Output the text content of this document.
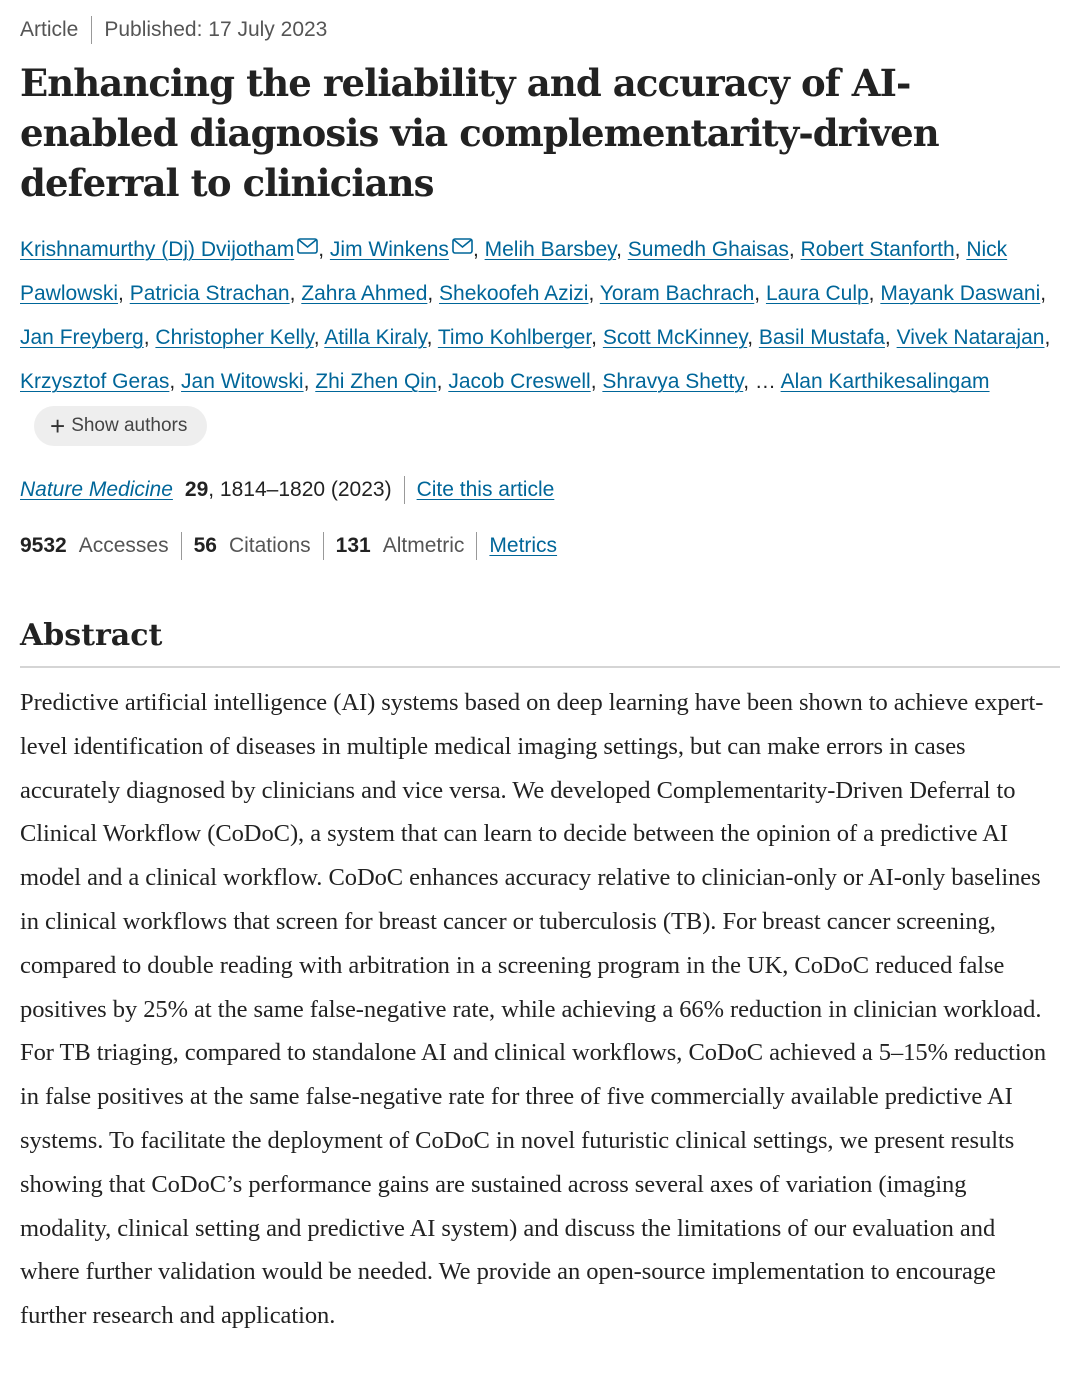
Article Published: 17 July 2023
Enhancing the reliability and accuracy of AI-enabled diagnosis via complementarity-driven deferral to clinicians
Krishnamurthy (Dj) Dvijotham , Jim Winkens , Melih Barsbey, Sumedh Ghaisas, Robert Stanforth, Nick Pawlowski, Patricia Strachan, Zahra Ahmed, Shekoofeh Azizi, Yoram Bachrach, Laura Culp, Mayank Daswani, Jan Freyberg, Christopher Kelly, Atilla Kiraly, Timo Kohlberger, Scott McKinney, Basil Mustafa, Vivek Natarajan, Krzysztof Geras, Jan Witowski, Zhi Zhen Qin, Jacob Creswell, Shravya Shetty, … Alan Karthikesalingam
+ Show authors
Nature Medicine 29 , 1814–1820 (2023) Cite this article
9532 Accesses 56 Citations 131 Altmetric Metrics
Abstract

Predictive artificial intelligence (AI) systems based on deep learning have been shown to achieve expert-level identification of diseases in multiple medical imaging settings, but can make errors in cases accurately diagnosed by clinicians and vice versa. We developed Complementarity-Driven Deferral to Clinical Workflow (CoDoC), a system that can learn to decide between the opinion of a predictive AI model and a clinical workflow. CoDoC enhances accuracy relative to clinician-only or AI-only baselines in clinical workflows that screen for breast cancer or tuberculosis (TB). For breast cancer screening, compared to double reading with arbitration in a screening program in the UK, CoDoC reduced false positives by 25% at the same false-negative rate, while achieving a 66% reduction in clinician workload. For TB triaging, compared to standalone AI and clinical workflows, CoDoC achieved a 5–15% reduction in false positives at the same false-negative rate for three of five commercially available predictive AI systems. To facilitate the deployment of CoDoC in novel futuristic clinical settings, we present results showing that CoDoC’s performance gains are sustained across several axes of variation (imaging modality, clinical setting and predictive AI system) and discuss the limitations of our evaluation and where further validation would be needed. We provide an open-source implementation to encourage further research and application.
